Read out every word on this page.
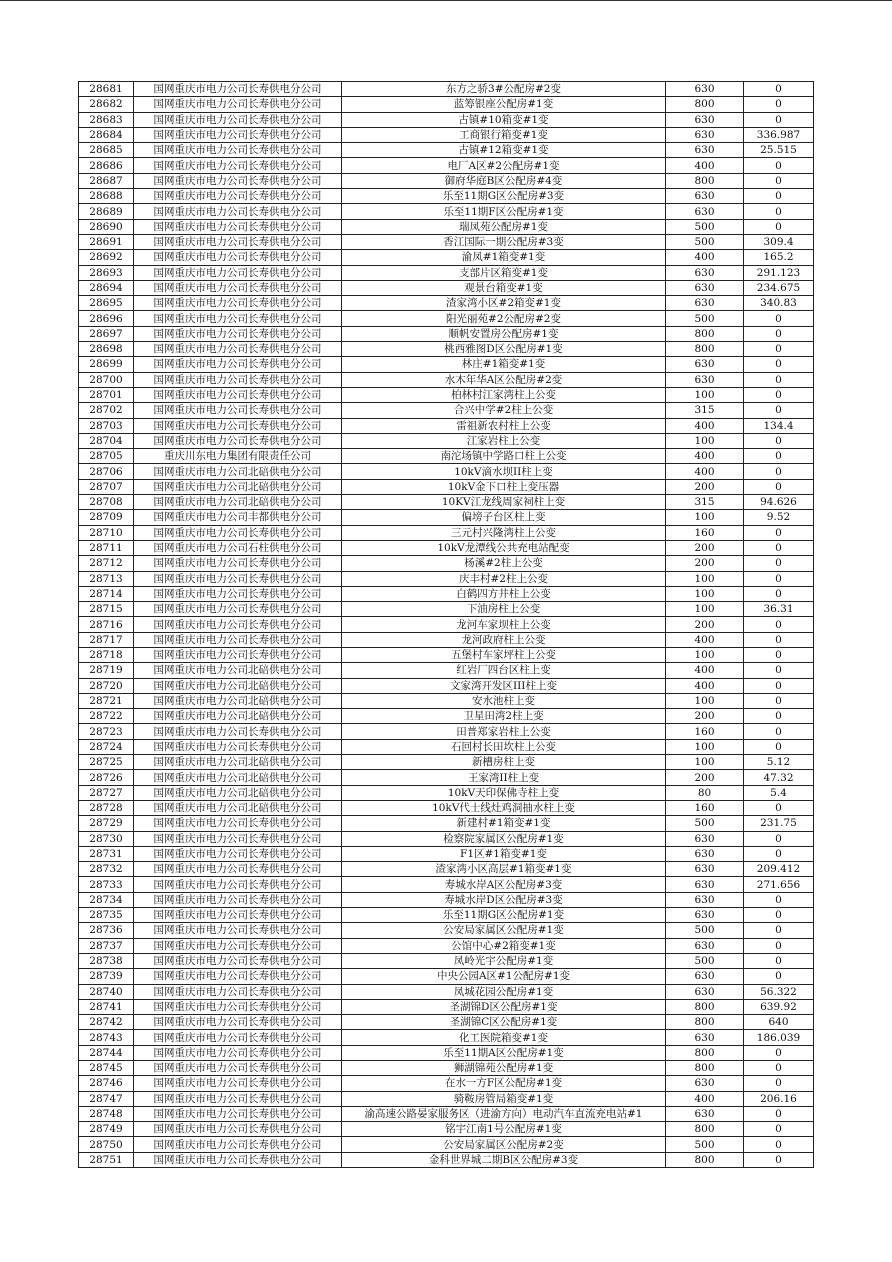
28681	国网重庆市电力公司长寿供电分公司	东方之骄3#公配房#2变	630	0
28682	国网重庆市电力公司长寿供电分公司	蓝筹银座公配房#1变	800	0
28683	国网重庆市电力公司长寿供电分公司	古镇#10箱变#1变	630	0
28684	国网重庆市电力公司长寿供电分公司	工商银行箱变#1变	630	336.987
28685	国网重庆市电力公司长寿供电分公司	古镇#12箱变#1变	630	25.515
28686	国网重庆市电力公司长寿供电分公司	电厂A区#2公配房#1变	400	0
28687	国网重庆市电力公司长寿供电分公司	御府华庭B区公配房#4变	800	0
28688	国网重庆市电力公司长寿供电分公司	乐至11期G区公配房#3变	630	0
28689	国网重庆市电力公司长寿供电分公司	乐至11期F区公配房#1变	630	0
28690	国网重庆市电力公司长寿供电分公司	瑞凤苑公配房#1变	500	0
28691	国网重庆市电力公司长寿供电分公司	香江国际一期公配房#3变	500	309.4
28692	国网重庆市电力公司长寿供电分公司	渝凤#1箱变#1变	400	165.2
28693	国网重庆市电力公司长寿供电分公司	支部片区箱变#1变	630	291.123
28694	国网重庆市电力公司长寿供电分公司	观景台箱变#1变	630	234.675
28695	国网重庆市电力公司长寿供电分公司	渣家湾小区#2箱变#1变	630	340.83
28696	国网重庆市电力公司长寿供电分公司	阳光丽苑#2公配房#2变	500	0
28697	国网重庆市电力公司长寿供电分公司	顺帆安置房公配房#1变	800	0
28698	国网重庆市电力公司长寿供电分公司	桃西雅图D区公配房#1变	800	0
28699	国网重庆市电力公司长寿供电分公司	林庄#1箱变#1变	630	0
28700	国网重庆市电力公司长寿供电分公司	水木年华A区公配房#2变	630	0
28701	国网重庆市电力公司长寿供电分公司	柏林村江家湾柱上公变	100	0
28702	国网重庆市电力公司长寿供电分公司	合兴中学#2柱上公变	315	0
28703	国网重庆市电力公司长寿供电分公司	雷祖新农村柱上公变	400	134.4
28704	国网重庆市电力公司长寿供电分公司	江家岩柱上公变	100	0
28705	重庆川东电力集团有限责任公司	南沱场镇中学路口柱上公变	400	0
28706	国网重庆市电力公司北碚供电分公司	10kV滴水坝II柱上变	400	0
28707	国网重庆市电力公司北碚供电分公司	10kV金下口柱上变压器	200	0
28708	国网重庆市电力公司北碚供电分公司	10KV江龙线周家祠柱上变	315	94.626
28709	国网重庆市电力公司丰都供电分公司	偏塝子台区柱上变	100	9.52
28710	国网重庆市电力公司长寿供电分公司	三元村兴隆湾柱上公变	160	0
28711	国网重庆市电力公司石柱供电分公司	10kV龙潭线公共充电站配变	200	0
28712	国网重庆市电力公司长寿供电分公司	杨溪#2柱上公变	200	0
28713	国网重庆市电力公司长寿供电分公司	庆丰村#2柱上公变	100	0
28714	国网重庆市电力公司长寿供电分公司	白鹤四方井柱上公变	100	0
28715	国网重庆市电力公司长寿供电分公司	下油房柱上公变	100	36.31
28716	国网重庆市电力公司长寿供电分公司	龙河车家坝柱上公变	200	0
28717	国网重庆市电力公司长寿供电分公司	龙河政府柱上公变	400	0
28718	国网重庆市电力公司长寿供电分公司	五堡村车家坪柱上公变	100	0
28719	国网重庆市电力公司北碚供电分公司	红岩厂四台区柱上变	400	0
28720	国网重庆市电力公司北碚供电分公司	文家湾开发区III柱上变	400	0
28721	国网重庆市电力公司北碚供电分公司	安水池柱上变	100	0
28722	国网重庆市电力公司北碚供电分公司	卫星田湾2柱上变	200	0
28723	国网重庆市电力公司长寿供电分公司	田普郑家岩柱上公变	160	0
28724	国网重庆市电力公司长寿供电分公司	石回村长田坎柱上公变	100	0
28725	国网重庆市电力公司北碚供电分公司	新槽房柱上变	100	5.12
28726	国网重庆市电力公司北碚供电分公司	王家湾II柱上变	200	47.32
28727	国网重庆市电力公司北碚供电分公司	10kV天印保佛寺柱上变	80	5.4
28728	国网重庆市电力公司北碚供电分公司	10kV代士线灶鸡洞抽水柱上变	160	0
28729	国网重庆市电力公司长寿供电分公司	新建村#1箱变#1变	500	231.75
28730	国网重庆市电力公司长寿供电分公司	检察院家属区公配房#1变	630	0
28731	国网重庆市电力公司长寿供电分公司	F1区#1箱变#1变	630	0
28732	国网重庆市电力公司长寿供电分公司	渣家湾小区高层#1箱变#1变	630	209.412
28733	国网重庆市电力公司长寿供电分公司	寿城水岸A区公配房#3变	630	271.656
28734	国网重庆市电力公司长寿供电分公司	寿城水岸D区公配房#3变	630	0
28735	国网重庆市电力公司长寿供电分公司	乐至11期G区公配房#1变	630	0
28736	国网重庆市电力公司长寿供电分公司	公安局家属区公配房#1变	500	0
28737	国网重庆市电力公司长寿供电分公司	公馆中心#2箱变#1变	630	0
28738	国网重庆市电力公司长寿供电分公司	凤岭光宇公配房#1变	500	0
28739	国网重庆市电力公司长寿供电分公司	中央公园A区#1公配房#1变	630	0
28740	国网重庆市电力公司长寿供电分公司	凤城花园公配房#1变	630	56.322
28741	国网重庆市电力公司长寿供电分公司	圣湖锦D区公配房#1变	800	639.92
28742	国网重庆市电力公司长寿供电分公司	圣湖锦C区公配房#1变	800	640
28743	国网重庆市电力公司长寿供电分公司	化工医院箱变#1变	630	186.039
28744	国网重庆市电力公司长寿供电分公司	乐至11期A区公配房#1变	800	0
28745	国网重庆市电力公司长寿供电分公司	狮湖锦苑公配房#1变	800	0
28746	国网重庆市电力公司长寿供电分公司	在水一方F区公配房#1变	630	0
28747	国网重庆市电力公司长寿供电分公司	骑鞍房管局箱变#1变	400	206.16
28748	国网重庆市电力公司长寿供电分公司	渝高速公路晏家服务区（进渝方向）电动汽车直流充电站#1	630	0
28749	国网重庆市电力公司长寿供电分公司	铭宇江南1号公配房#1变	800	0
28750	国网重庆市电力公司长寿供电分公司	公安局家属区公配房#2变	500	0
28751	国网重庆市电力公司长寿供电分公司	金科世界城二期B区公配房#3变	800	0
